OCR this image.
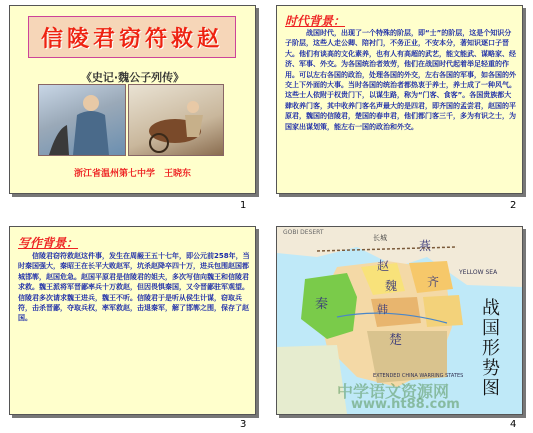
信陵君窃符救赵
《史记·魏公子列传》
浙江省温州第七中学　王晓东
1
时代背景：
　战国时代，出现了一个特殊的阶层，即“士”的阶层，这是个知识分子阶层，这些人走公卿、陪衬门，不务正业，不安本分，著知识逐口子晋大。他们有谈高的文化素养，也有人有高超的武艺，能文能武、谋略家、经济、军事、外交。为各国统治者效劳，他们在战国时代起着举足轻重的作用。可以左右各国的政治，处理各国的外交，左右各国的军事，如各国的外交上下外面的大事。当时各国的统治者都热衷于养士，养士成了一种风气。这些士人依附于权贵门下，以谋生路，称为“门客、食客”。各国贵族都大肆收养门客，其中收养门客名声最大的是四君，即齐国的孟尝君，赵国的平原君，魏国的信陵君，楚国的春申君，他们都门客三千，多为有识之士，为国家出谋划策，能左右一国的政治和外交。
2
写作背景：
信陵君窃符救赵这件事，发生在周赧王五十七年，即公元前258年，当时秦国强大，秦昭王在长平大败赵军，坑杀赵降卒四十万，进兵包围赵国都城邯郸，赵国危急。赵国平原君是信陵君的姐夫，多次写信向魏王和信陵君求救。魏王派将军晋鄙率兵十万救赵，但因畏惧秦国，又令晋鄙驻军观望。信陵君多次请求魏王进兵，魏王不听。信陵君于是听从侯生计谋，窃取兵符，击杀晋鄙，夺取兵权，率军救赵，击退秦军，解了邯郸之围，保存了赵国。
3
GOBI DESERT
长城
燕
赵
魏 齐
秦	韩
楚
YELLOW SEA
EXTENDED CHINA WARRING STATES
战国形势图
中学语文资源网
www.ht88.com
4
